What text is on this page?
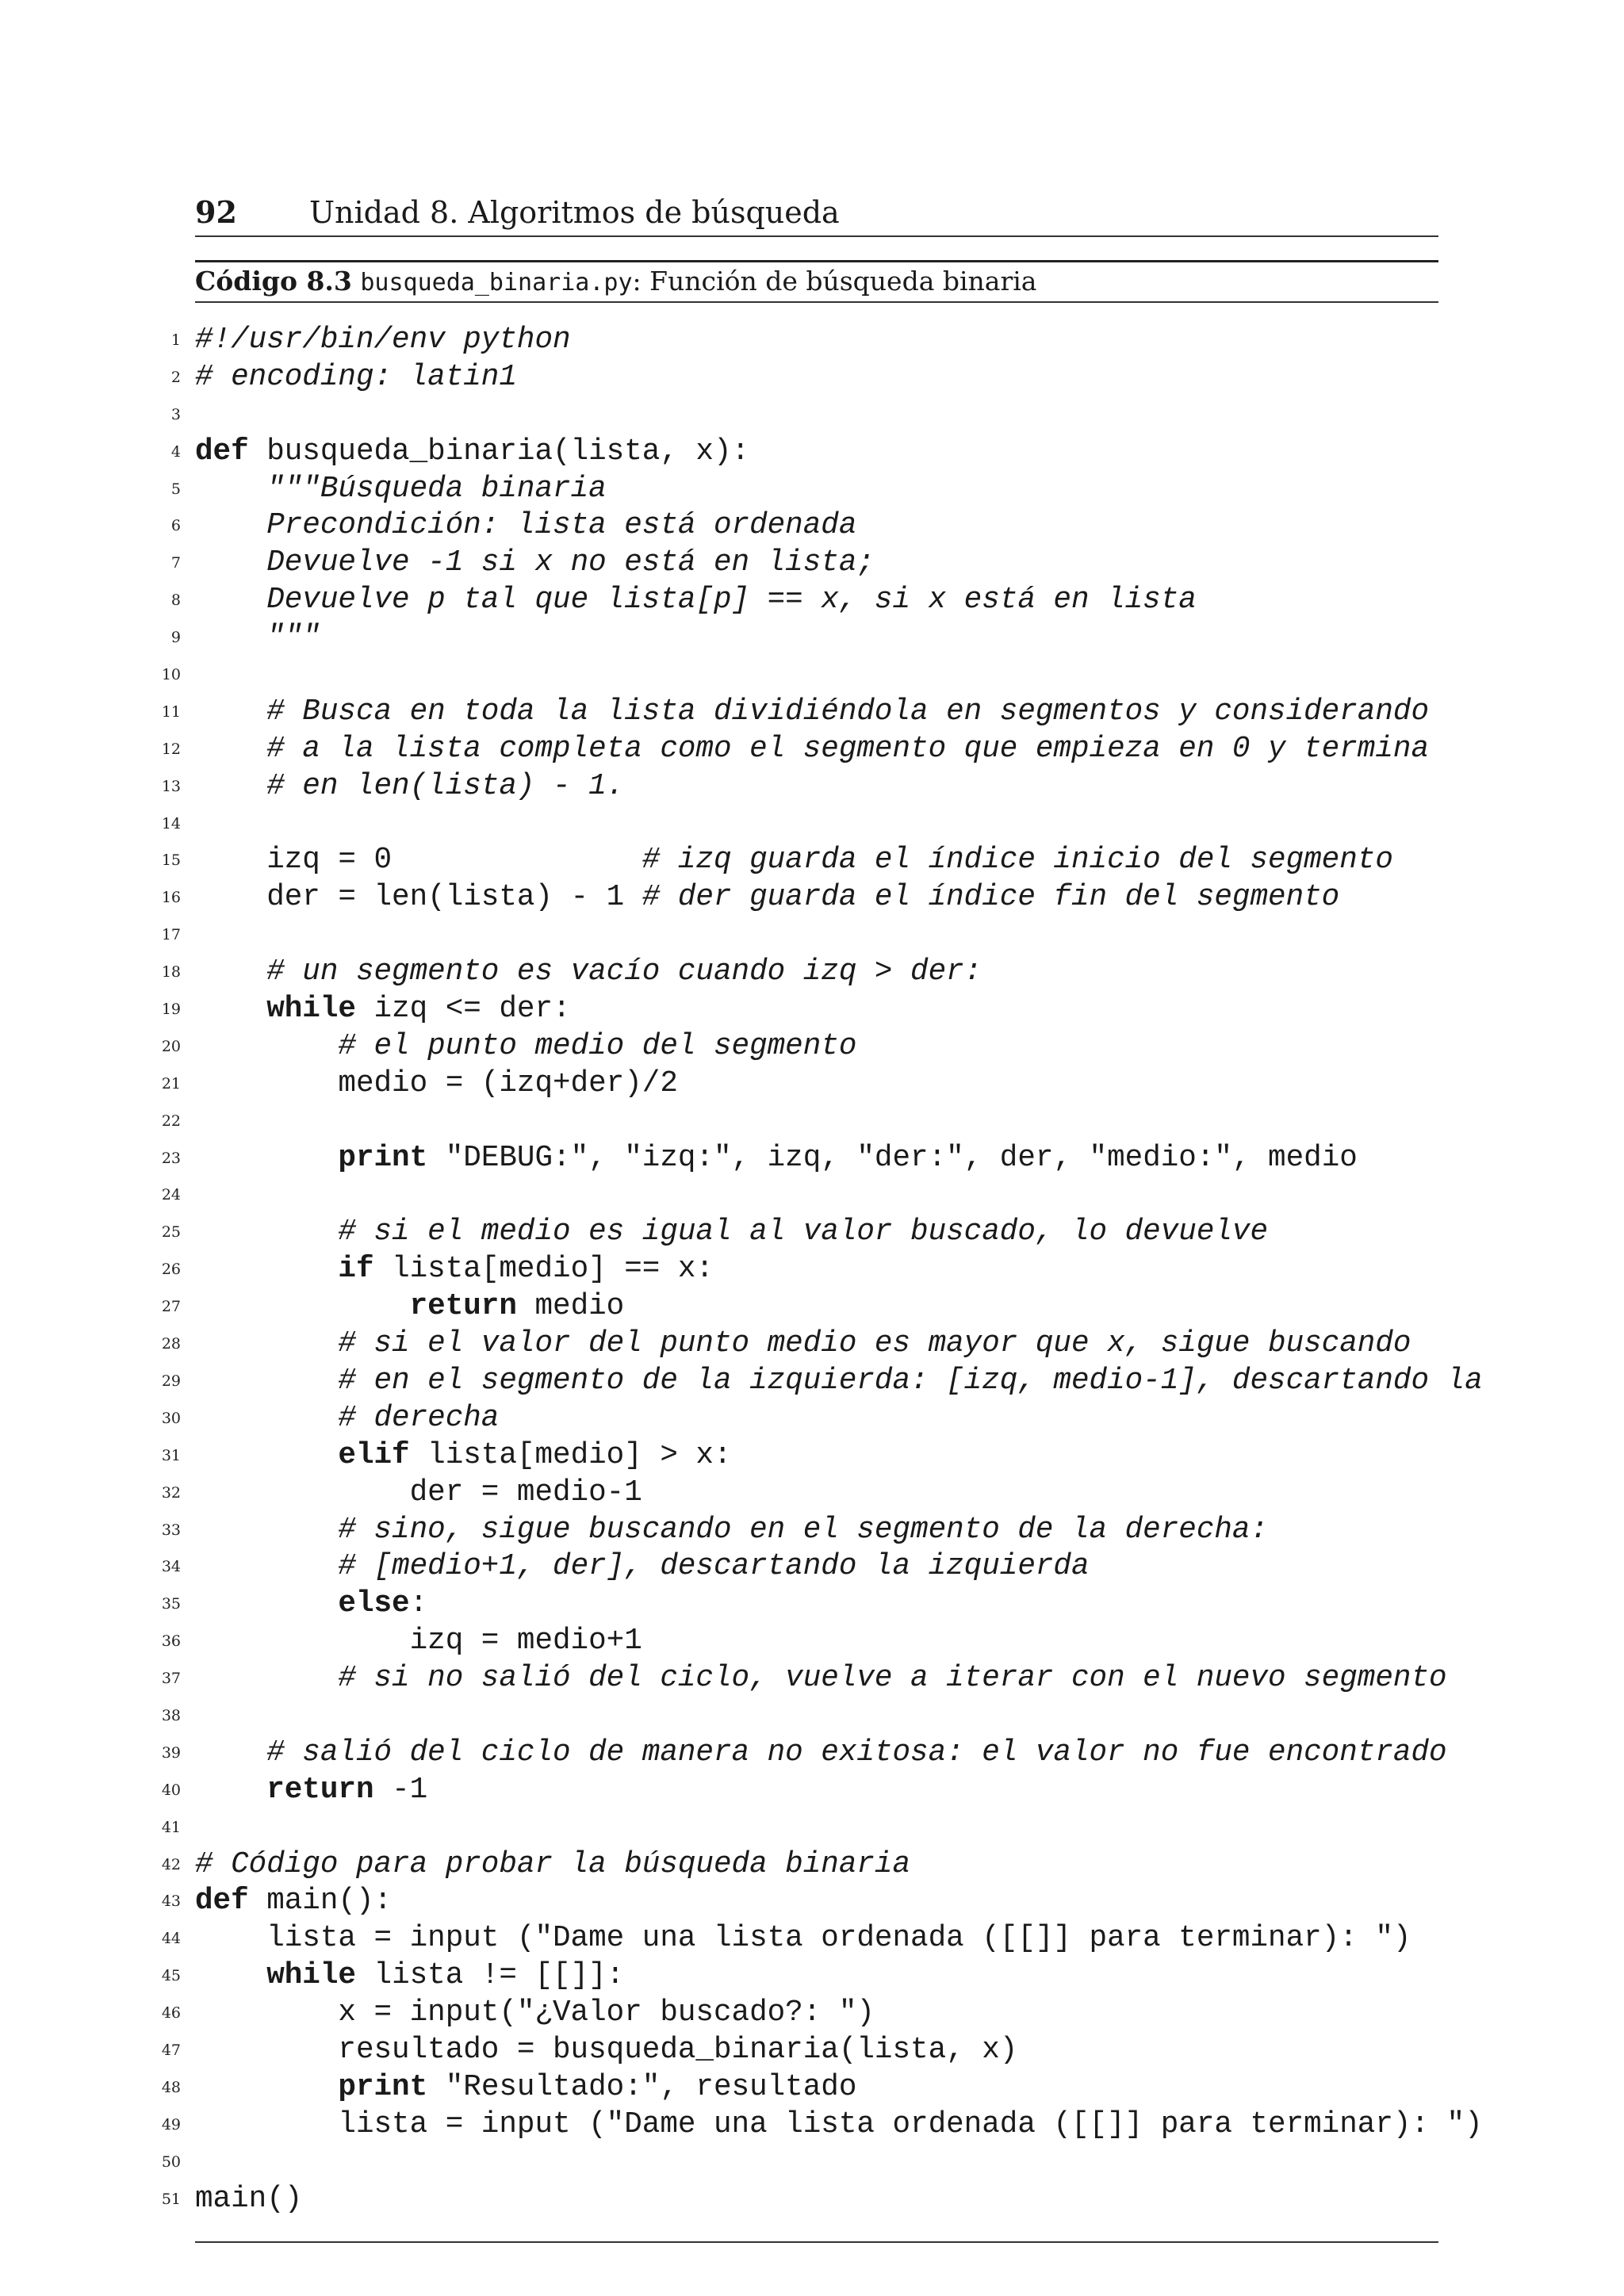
92 Unidad 8. Algoritmos de búsqueda
Código 8.3 busqueda_binaria.py: Función de búsqueda binaria
1 #!/usr/bin/env python
2 # encoding: latin1
3
4 def busqueda_binaria(lista, x):
5	"""Búsqueda binaria
6	Precondición: lista está ordenada
7	Devuelve -1 si x no está en lista;
8	Devuelve p tal que lista[p] == x, si x está en lista
9	"""
10
11	# Busca en toda la lista dividiéndola en segmentos y considerando
12	# a la lista completa como el segmento que empieza en 0 y termina
13	# en len(lista) - 1.
14
15 izq = 0              # izq guarda el índice inicio del segmento
16 der = len(lista) - 1 # der guarda el índice fin del segmento
17
18	# un segmento es vacío cuando izq > der:
19	while izq <= der:
20	# el punto medio del segmento
21 medio = (izq+der)/2
22
23	print "DEBUG:", "izq:", izq, "der:", der, "medio:", medio
24
25	# si el medio es igual al valor buscado, lo devuelve
26	if lista[medio] == x:
27	return medio
28	# si el valor del punto medio es mayor que x, sigue buscando
29	# en el segmento de la izquierda: [izq, medio-1], descartando la
30	# derecha
31	elif lista[medio] > x:
32 der = medio-1
33	# sino, sigue buscando en el segmento de la derecha:
34	# [medio+1, der], descartando la izquierda
35	else:
36 izq = medio+1
37	# si no salió del ciclo, vuelve a iterar con el nuevo segmento
38
39	# salió del ciclo de manera no exitosa: el valor no fue encontrado
40	return -1
41
42 # Código para probar la búsqueda binaria
43 def main():
44 lista = input ("Dame una lista ordenada ([[]] para terminar): ")
45	while lista != [[]]:
46 x = input("¿Valor buscado?: ")
47 resultado = busqueda_binaria(lista, x)
48	print "Resultado:", resultado
49 lista = input ("Dame una lista ordenada ([[]] para terminar): ")
50
51 main()
